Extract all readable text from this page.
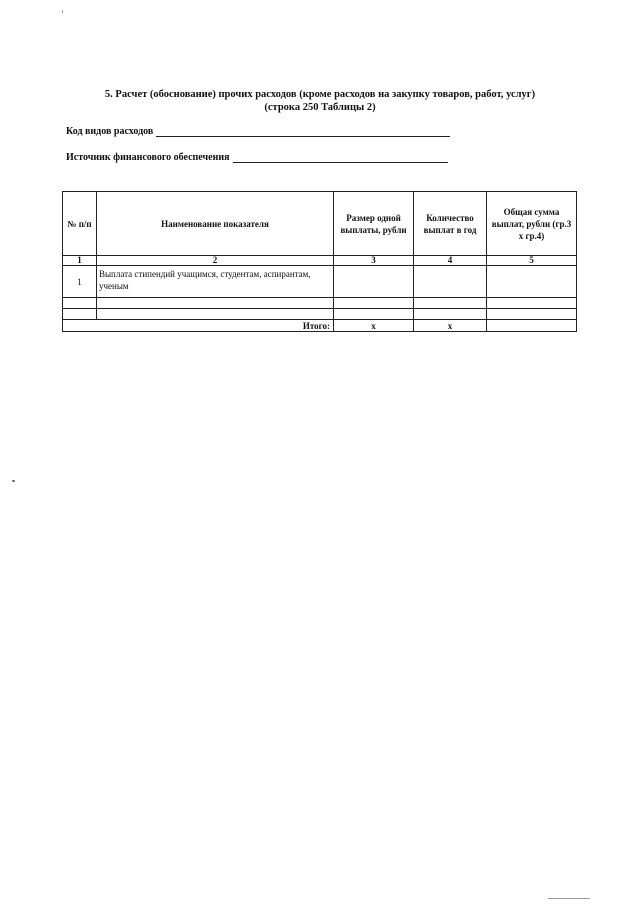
5. Расчет (обоснование) прочих расходов (кроме расходов на закупку товаров, работ, услуг)
(строка 250 Таблицы 2)
Код видов расходов
Источник финансового обеспечения
№ п/п	Наименование показателя	Размер одной выплаты, рубли	Количество выплат в год	Общая сумма выплат, рубли (гр.3 х гр.4)
1	2	3	4	5
1	Выплата стипендий учащимся, студентам, аспирантам, ученым			

Итого:		х	х	
